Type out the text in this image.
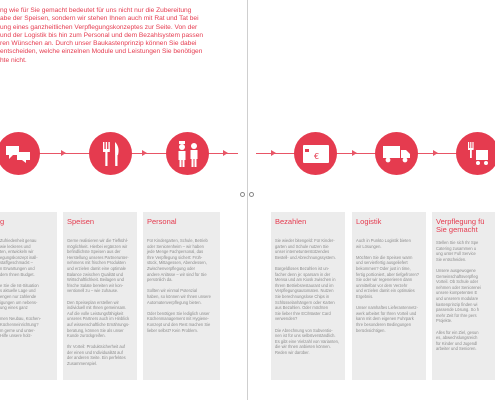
ng wie für Sie gemacht bedeutet für uns nicht nur die Zubereitung
abe der Speisen, sondern wir stehen Ihnen auch mit Rat und Tat bei
ung eines ganzheitlichen Verpflegungskonzeptes zur Seite. Von der
und der Logistik bis hin zum Personal und dem Bezahlsystem passen
ren Wünschen an. Durch unser Baukastenprinzip können Sie dabei
entscheiden, welche einzelnen Module und Leistungen Sie benötigen
hte nicht.
€
g

Zufriedenheit genau
wie leckeres und
ten, entwickeln wir
egungskonzept inall-
staffgeschmackt –
n Erwartungen und
dem Ihnen Budget.

e Sie die Ist-Situation
s aktuelle Lage und
engen nur zahlende
igungen um nebens-
ung eines ganz

men Neubau, Küchen-
Küchenneinrichtung?
m gerne und unter-
Hilfe unsere holz-

Speisen

Gerne realisieren wir die Tiefkühl-
möglichkeit. Hierbei ergänzen wir
befindlichste Speisen aus der
Herstellung unseres Partnerunter-
nehmens mit frischen Produkten
und erzielen damit eine optimale
Balance zwischen Qualität und
Wirtschaftlichkeit. Beilagen und
frische Salate bereiten wir kon-
ventionell zu – wie zuhause.

Den Speiseplan erstellen wir
individuell mit Ihnen gemeinsam.
Auf die volle Leistungsfähigkeit
unseres Partners auch im Hinblick
auf wissenschaftliche Ernährungs-
beratung, können Sie als unser
Kunde zurückgreifen.

Ihr Vorteil: Produktsicherheit auf
der einen und Individualität auf
der anderen Seite. Ein perfektes
Zusammenspiel.

Personal

Für Kindergarten, Schule, Betrieb
oder Seniorenheim – wir haben
jede Menge Fachpersonal, das
Ihre Verpflegung sichert: Früh-
stück, Mittagessen, Abendessen,
Zwischenverpflegung oder
andere Anlässe – wir sind für Sie
persönlich da.

Sollten wir einmal Potenzial
haben, so können wir Ihnen unsere
Automatenverpflegung bieten.

Oder benötigen Sie lediglich unser
Küchenmanagement mit Hygiene-
Konzept und den Rest machen Sie
lieber selbst? Kein Problem.

Bezahlen

Sie wieder bitengeld: Für Kinder-
garten und Schule nutzen Sie
unser internetunterstützendes
Bestell- und Abrechnungssystem.

Bargeldloses Bezahlen ist un-
facher denn je: sparsam in der
Mensa und am Kiosk zwischen in
Ihrem Betriebsrestaurant und im
Verpflegungsautomaten. Nutzen
Sie berechnungslose Chips in
Schlüsselanhängern oder Karten
aus Bezahlen. Oder möchten
Sie lieber Ihre EC/Master Card
verwenden?

Die Abrechnung von Subventio-
nen ist für uns selbstverständlich.
Es gibt eine Vielzahl von Varianten,
die wir Ihnen anbieten können.
Reden wir darüber.

Logistik

Auch in Punkto Logistik bieten
wir Lösungen.

Möchten Sie die Speisen warm
und servierfertig ausgeliefert
bekommen? Oder just in time,
fertig portioniert, aber tiefgefroren?
Sie oder wir regenerieren dann
unmittelbar vor dem Verzehr
und erzielen damit ein optimales
Ergebnis.

Unser namhaftes Lieferantennetz-
werk arbeitet für Ihren Vorteil und
kann mit dem eigenen Fuhrpark
Ihre besonderen Bedingungen
berücksichtigen.

Verpflegung fü
Sie gemacht

Stellen Sie sich Ihr Spe
Catering zusammen u
ung unter Full Service
Sie entscheiden.

Unsere ausgewogene
Gemeinschaftsverpfleg
Vorteil. Ob Schule oder
nehmen oder Seniorenei
unsere kompetenten E
und unserem modulare
kastenprinzip finden wi
passende Lösung. So h
mehr Zeit für Ihre pers
Projekte.

Alles für ein Ziel, gesun
es, abwechslungsreich
für Kinder und Jugendl
arbeiter und Senioren.
